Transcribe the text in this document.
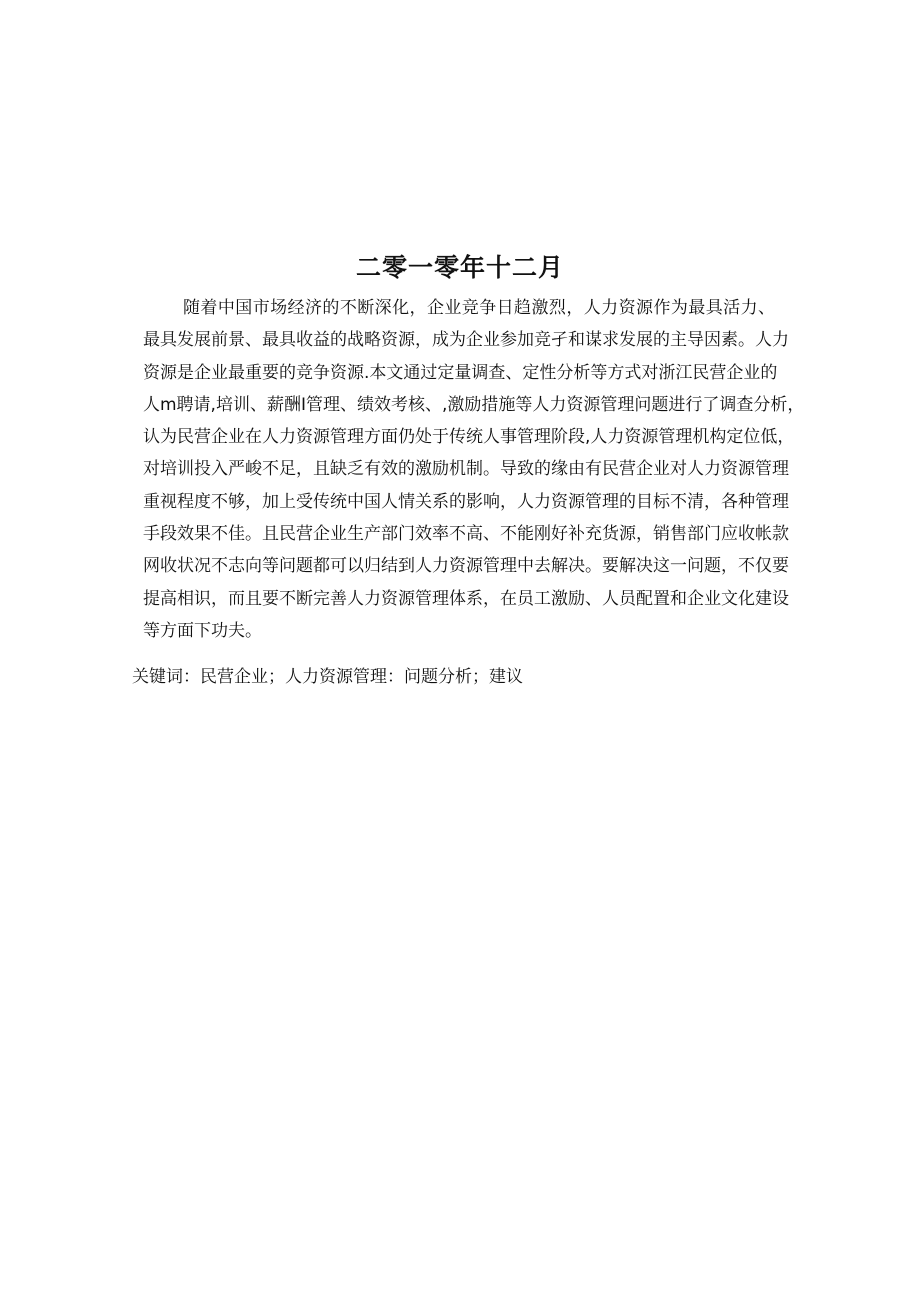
二零一零年十二月
随着中国市场经济的不断深化，企业竞争日趋激烈，人力资源作为最具活力、
最具发展前景、最具收益的战略资源，成为企业参加竞孑和谋求发展的主导因素。人力
资源是企业最重要的竞争资源.本文通过定量调查、定性分析等方式对浙江民营企业的
人m聘请,培训、薪酬I管理、绩效考核、,激励措施等人力资源管理问题进行了调查分析，
认为民营企业在人力资源管理方面仍处于传统人事管理阶段,人力资源管理机构定位低，
对培训投入严峻不足，且缺乏有效的激励机制。导致的缘由有民营企业对人力资源管理
重视程度不够，加上受传统中国人情关系的影响，人力资源管理的目标不清，各种管理
手段效果不佳。且民营企业生产部门效率不高、不能刚好补充货源，销售部门应收帐款
网收状况不志向等问题都可以归结到人力资源管理中去解决。要解决这一问题，不仅要
提高相识，而且要不断完善人力资源管理体系，在员工激励、人员配置和企业文化建设
等方面下功夫。
关键词：民营企业；人力资源管理：问题分析；建议
